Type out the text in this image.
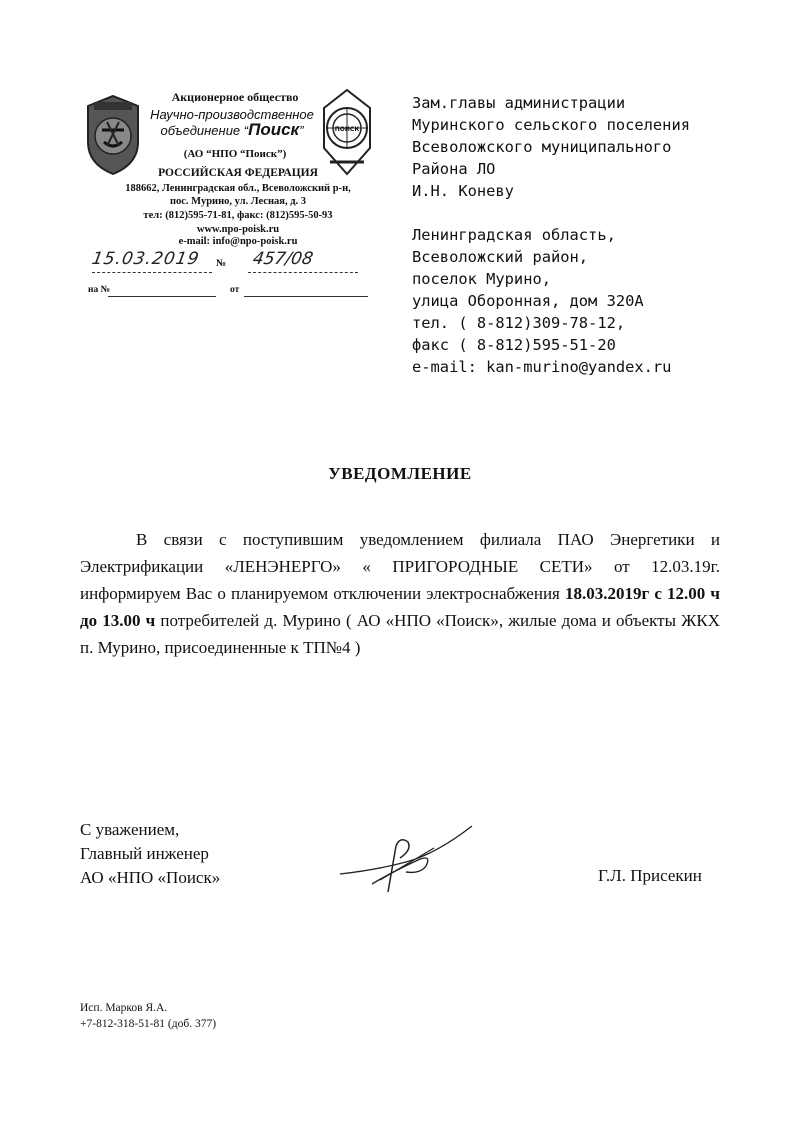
ПОИСК
Акционерное общество
Научно-производственное
объединение “Поиск”
(АО “НПО “Поиск”)
РОССИЙСКАЯ ФЕДЕРАЦИЯ
188662, Ленинградская обл., Всеволожский р-н,
пос. Мурино, ул. Лесная, д. 3
тел: (812)595-71-81, факс: (812)595-50-93
www.npo-poisk.ru
e-mail: info@npo-poisk.ru
15.03.2019	№ 457/08
на №	от
Зам.главы администрации
Муринского сельского поселения
Всеволожского муниципального
Района ЛО
И.Н. Коневу
Ленинградская область,
Всеволожский район,
поселок Мурино,
улица Оборонная, дом 320А
тел. ( 8-812)309-78-12,
факс ( 8-812)595-51-20
e-mail: kan-murino@yandex.ru
УВЕДОМЛЕНИЕ
В связи с поступившим уведомлением филиала ПАО Энергетики и Электрификации «ЛЕНЭНЕРГО» « ПРИГОРОДНЫЕ СЕТИ» от 12.03.19г. информируем Вас о планируемом отключении электроснабжения 18.03.2019г с 12.00 ч до 13.00 ч потребителей д. Мурино ( АО «НПО «Поиск», жилые дома и объекты ЖКХ п. Мурино, присоединенные к ТП№4 )
С уважением,
Главный инженер
АО «НПО «Поиск»	Г.Л. Присекин
Исп. Марков Я.А.
+7-812-318-51-81 (доб. 377)
